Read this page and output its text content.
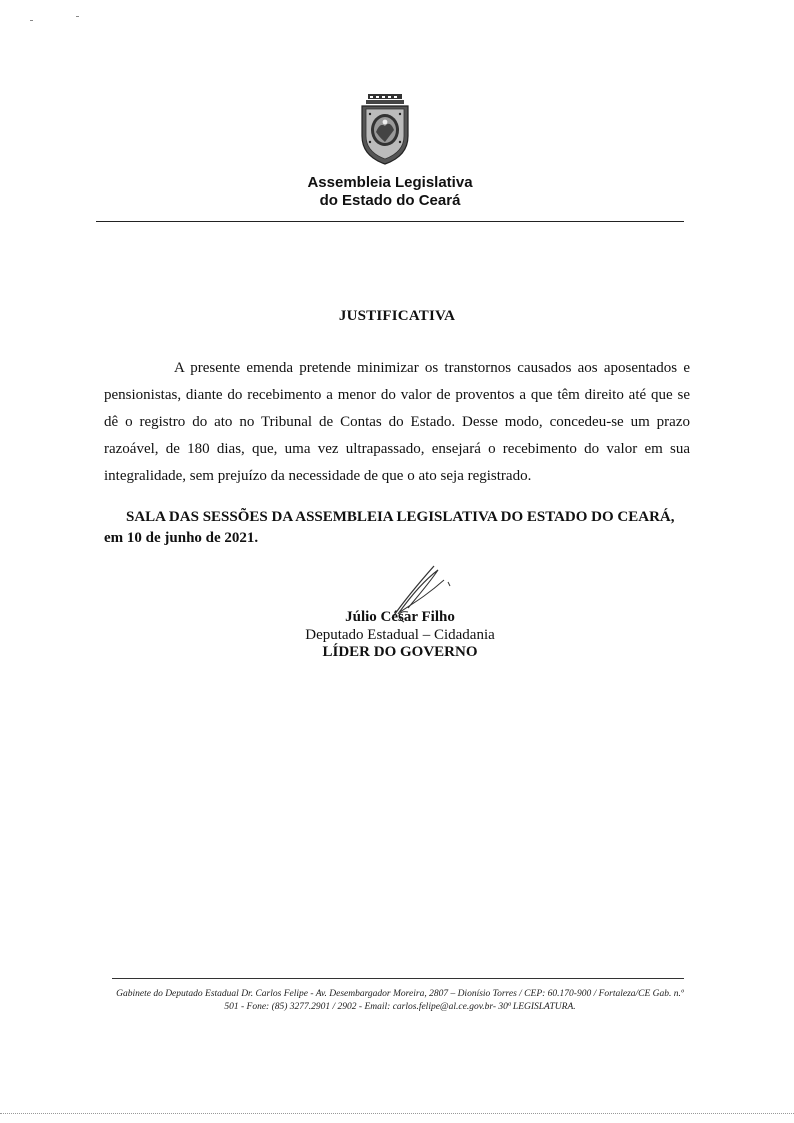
Assembleia Legislativa
do Estado do Ceará
JUSTIFICATIVA

A presente emenda pretende minimizar os transtornos causados aos aposentados e pensionistas, diante do recebimento a menor do valor de proventos a que têm direito até que se dê o registro do ato no Tribunal de Contas do Estado. Desse modo, concedeu-se um prazo razoável, de 180 dias, que, uma vez ultrapassado, ensejará o recebimento do valor em sua integralidade, sem prejuízo da necessidade de que o ato seja registrado.

SALA DAS SESSÕES DA ASSEMBLEIA LEGISLATIVA DO ESTADO DO CEARÁ, em 10 de junho de 2021.

Júlio César Filho
Deputado Estadual – Cidadania
LÍDER DO GOVERNO
Gabinete do Deputado Estadual Dr. Carlos Felipe - Av. Desembargador Moreira, 2807 – Dionísio Torres / CEP: 60.170-900 / Fortaleza/CE Gab. n.º
501 - Fone: (85) 3277.2901 / 2902 - Email: carlos.felipe@al.ce.gov.br- 30ª LEGISLATURA.
